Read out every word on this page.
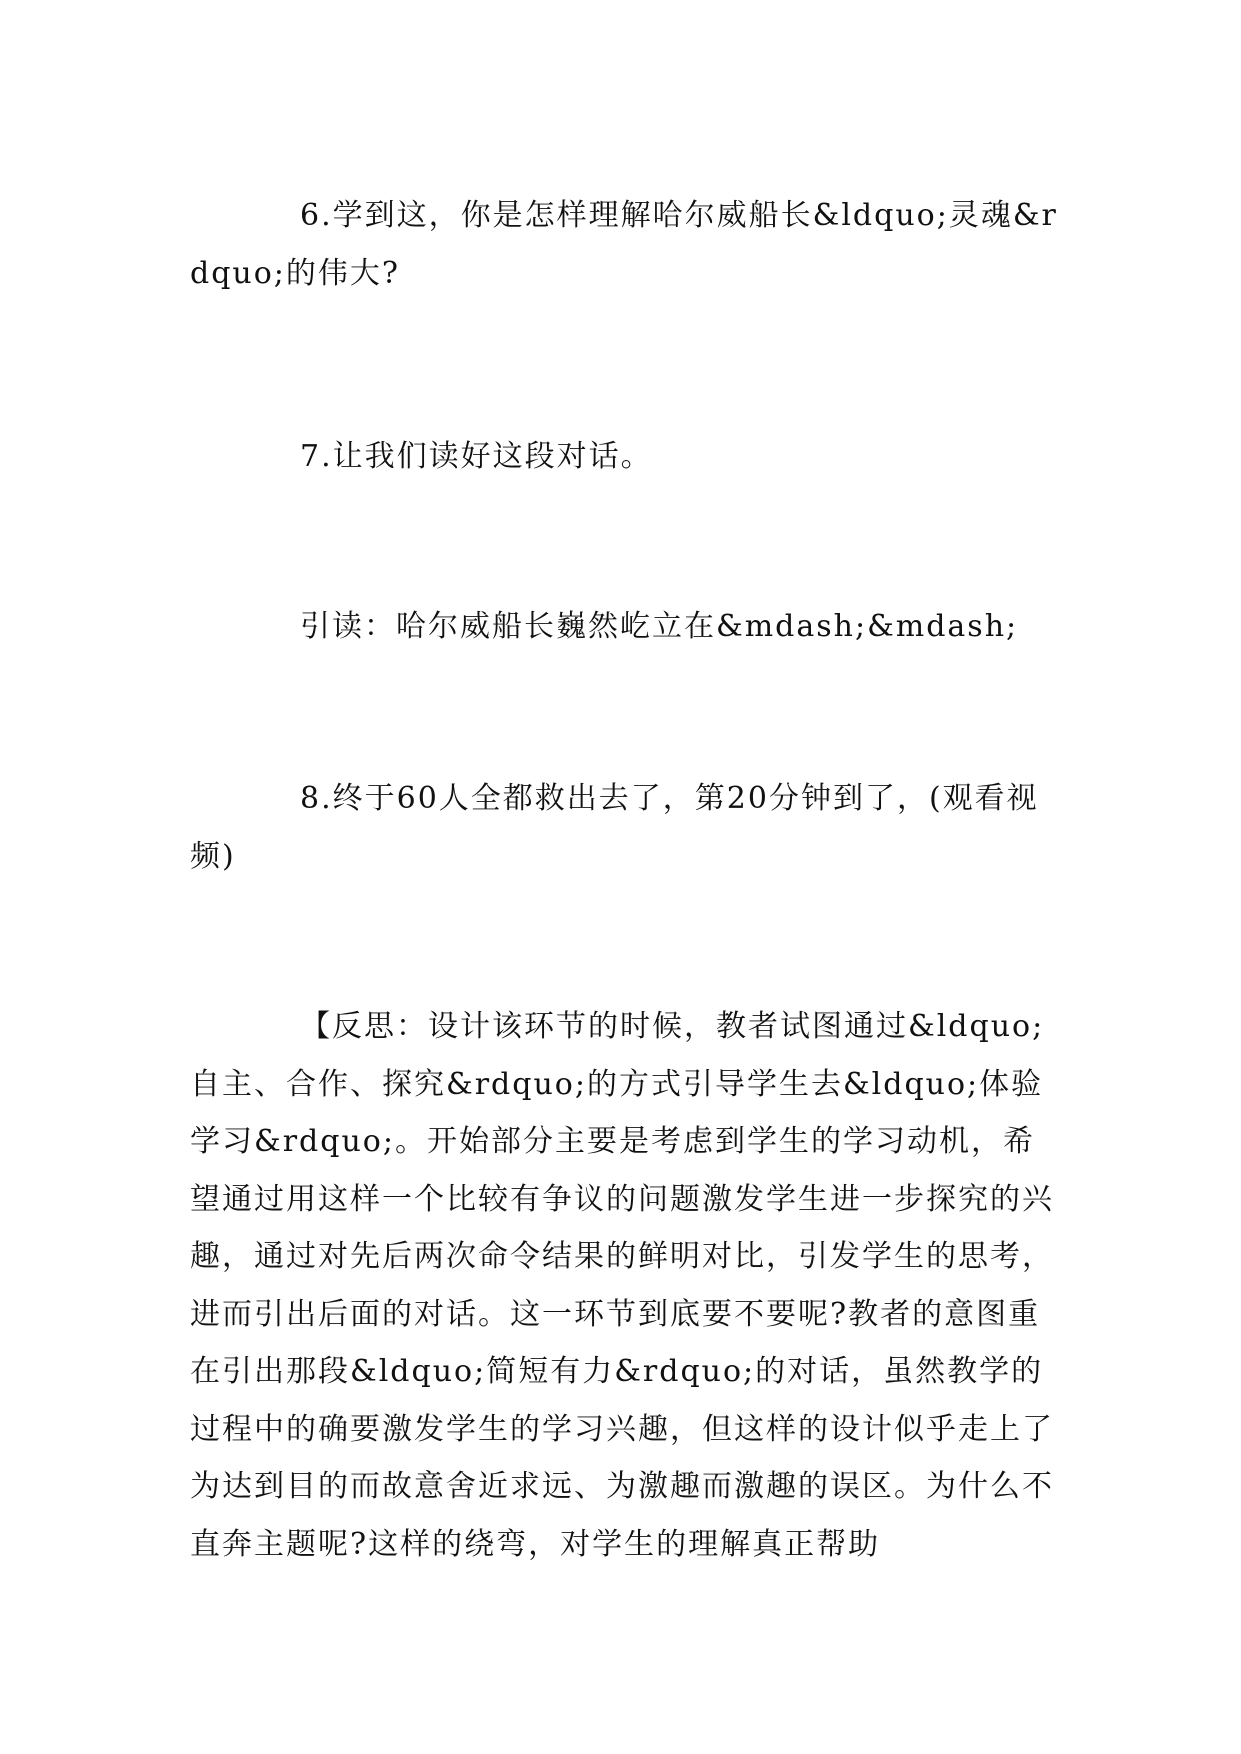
6.学到这，你是怎样理解哈尔威船长&ldquo;灵魂&rdquo;的伟大?

7.让我们读好这段对话。

引读：哈尔威船长巍然屹立在&mdash;&mdash;

8.终于60人全都救出去了，第20分钟到了，(观看视频)

【反思：设计该环节的时候，教者试图通过&ldquo;自主、合作、探究&rdquo;的方式引导学生去&ldquo;体验学习&rdquo;。开始部分主要是考虑到学生的学习动机，希望通过用这样一个比较有争议的问题激发学生进一步探究的兴趣，通过对先后两次命令结果的鲜明对比，引发学生的思考，进而引出后面的对话。这一环节到底要不要呢?教者的意图重在引出那段&ldquo;简短有力&rdquo;的对话，虽然教学的过程中的确要激发学生的学习兴趣，但这样的设计似乎走上了为达到目的而故意舍近求远、为激趣而激趣的误区。为什么不直奔主题呢?这样的绕弯，对学生的理解真正帮助
